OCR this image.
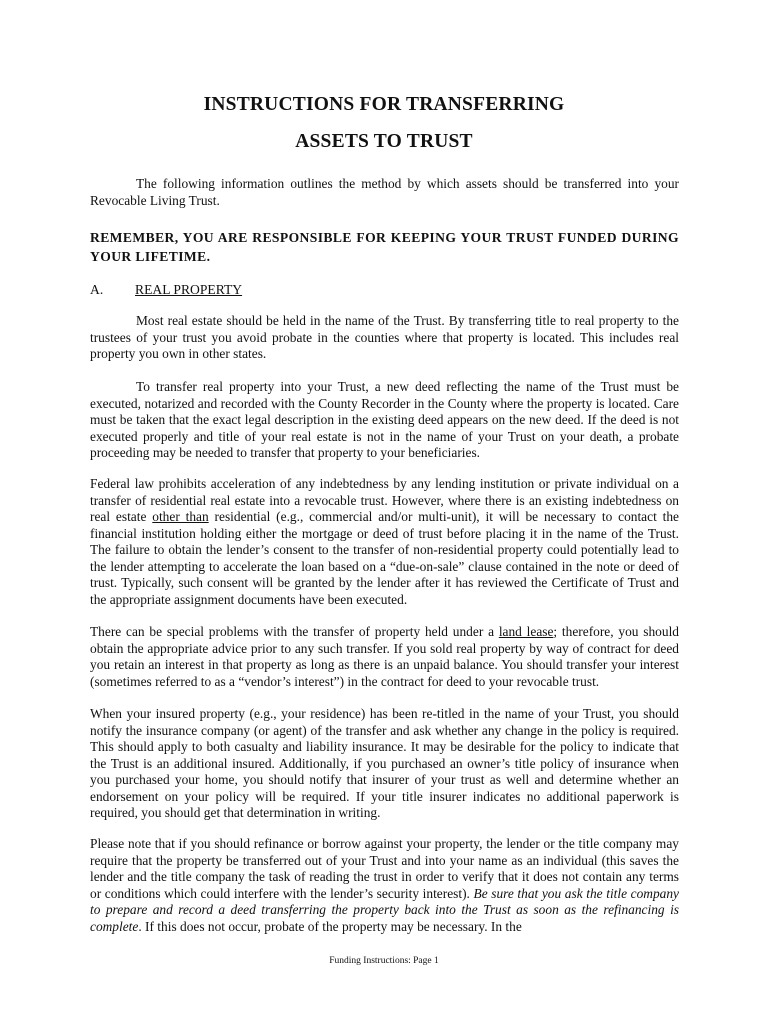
INSTRUCTIONS FOR TRANSFERRING
ASSETS TO TRUST
The following information outlines the method by which assets should be transferred into your Revocable Living Trust.
REMEMBER, YOU ARE RESPONSIBLE FOR KEEPING YOUR TRUST FUNDED DURING YOUR LIFETIME.
A. REAL PROPERTY
Most real estate should be held in the name of the Trust. By transferring title to real property to the trustees of your trust you avoid probate in the counties where that property is located. This includes real property you own in other states.
To transfer real property into your Trust, a new deed reflecting the name of the Trust must be executed, notarized and recorded with the County Recorder in the County where the property is located. Care must be taken that the exact legal description in the existing deed appears on the new deed. If the deed is not executed properly and title of your real estate is not in the name of your Trust on your death, a probate proceeding may be needed to transfer that property to your beneficiaries.
Federal law prohibits acceleration of any indebtedness by any lending institution or private individual on a transfer of residential real estate into a revocable trust. However, where there is an existing indebtedness on real estate other than residential (e.g., commercial and/or multi-unit), it will be necessary to contact the financial institution holding either the mortgage or deed of trust before placing it in the name of the Trust. The failure to obtain the lender’s consent to the transfer of non-residential property could potentially lead to the lender attempting to accelerate the loan based on a “due-on-sale” clause contained in the note or deed of trust. Typically, such consent will be granted by the lender after it has reviewed the Certificate of Trust and the appropriate assignment documents have been executed.
There can be special problems with the transfer of property held under a land lease; therefore, you should obtain the appropriate advice prior to any such transfer. If you sold real property by way of contract for deed you retain an interest in that property as long as there is an unpaid balance. You should transfer your interest (sometimes referred to as a “vendor’s interest”) in the contract for deed to your revocable trust.
When your insured property (e.g., your residence) has been re-titled in the name of your Trust, you should notify the insurance company (or agent) of the transfer and ask whether any change in the policy is required. This should apply to both casualty and liability insurance. It may be desirable for the policy to indicate that the Trust is an additional insured. Additionally, if you purchased an owner’s title policy of insurance when you purchased your home, you should notify that insurer of your trust as well and determine whether an endorsement on your policy will be required. If your title insurer indicates no additional paperwork is required, you should get that determination in writing.
Please note that if you should refinance or borrow against your property, the lender or the title company may require that the property be transferred out of your Trust and into your name as an individual (this saves the lender and the title company the task of reading the trust in order to verify that it does not contain any terms or conditions which could interfere with the lender’s security interest). Be sure that you ask the title company to prepare and record a deed transferring the property back into the Trust as soon as the refinancing is complete. If this does not occur, probate of the property may be necessary. In the
Funding Instructions: Page 1
